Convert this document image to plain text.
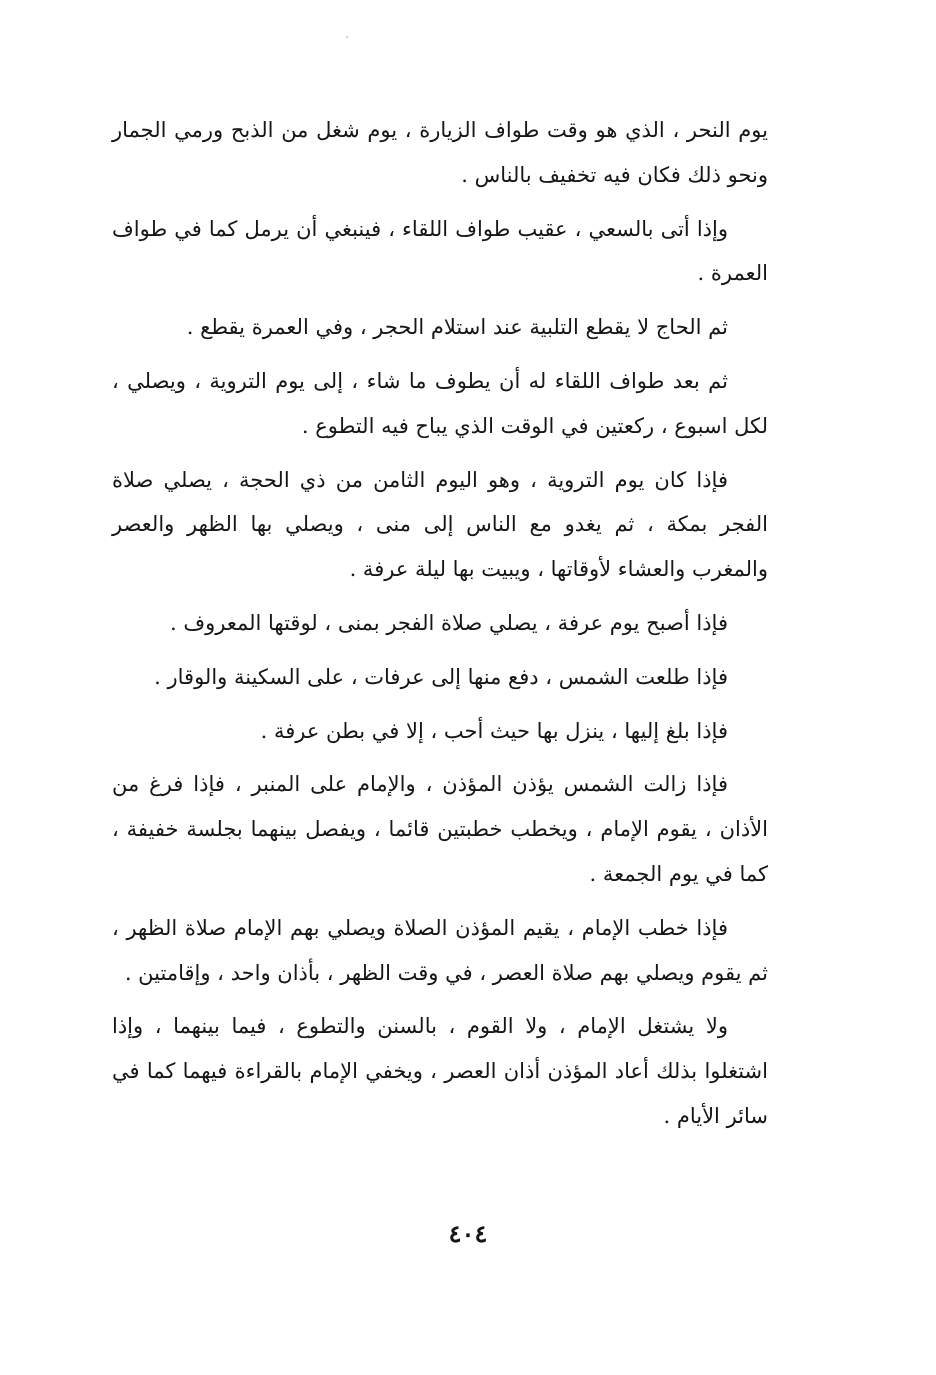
يوم النحر ، الذي هو وقت طواف الزيارة ، يوم شغل من الذبح ورمي الجمار ونحو ذلك فكان فيه تخفيف بالناس .

وإذا أتى بالسعي ، عقيب طواف اللقاء ، فينبغي أن يرمل كما في طواف العمرة .

ثم الحاج لا يقطع التلبية عند استلام الحجر ، وفي العمرة يقطع .

ثم بعد طواف اللقاء له أن يطوف ما شاء ، إلى يوم التروية ، ويصلي ، لكل اسبوع ، ركعتين في الوقت الذي يباح فيه التطوع .

فإذا كان يوم التروية ، وهو اليوم الثامن من ذي الحجة ، يصلي صلاة الفجر بمكة ، ثم يغدو مع الناس إلى منى ، ويصلي بها الظهر والعصر والمغرب والعشاء لأوقاتها ، ويبيت بها ليلة عرفة .

فإذا أصبح يوم عرفة ، يصلي صلاة الفجر بمنى ، لوقتها المعروف .

فإذا طلعت الشمس ، دفع منها إلى عرفات ، على السكينة والوقار .

فإذا بلغ إليها ، ينزل بها حيث أحب ، إلا في بطن عرفة .

فإذا زالت الشمس يؤذن المؤذن ، والإمام على المنبر ، فإذا فرغ من الأذان ، يقوم الإمام ، ويخطب خطبتين قائما ، ويفصل بينهما بجلسة خفيفة ، كما في يوم الجمعة .

فإذا خطب الإمام ، يقيم المؤذن الصلاة ويصلي بهم الإمام صلاة الظهر ، ثم يقوم ويصلي بهم صلاة العصر ، في وقت الظهر ، بأذان واحد ، وإقامتين .

ولا يشتغل الإمام ، ولا القوم ، بالسنن والتطوع ، فيما بينهما ، وإذا اشتغلوا بذلك أعاد المؤذن أذان العصر ، ويخفي الإمام بالقراءة فيهما كما في سائر الأيام .

٤٠٤
